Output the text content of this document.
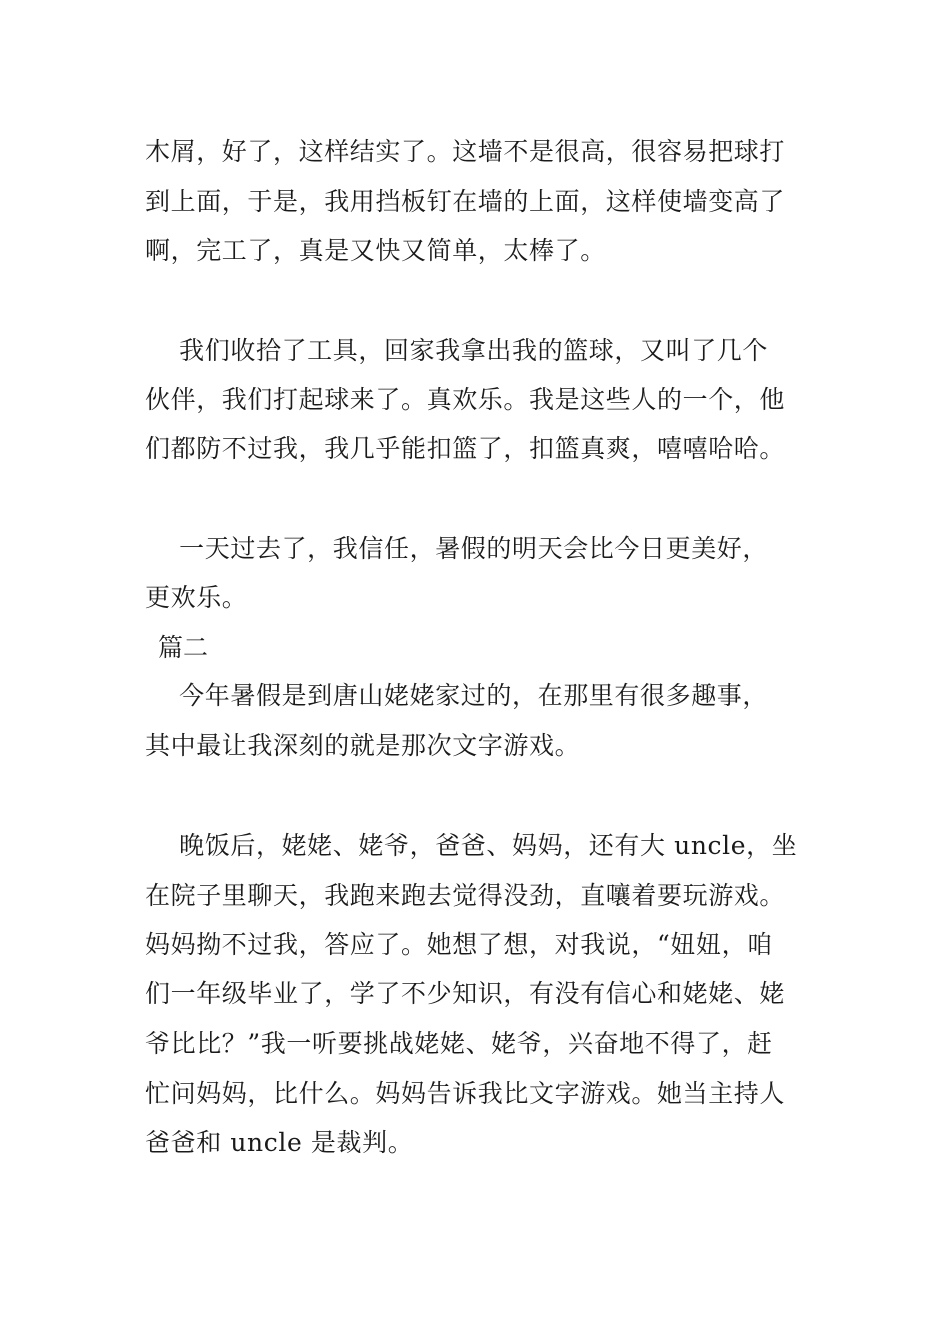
木屑，好了，这样结实了。这墙不是很高，很容易把球打
到上面，于是，我用挡板钉在墙的上面，这样使墙变高了
啊，完工了，真是又快又简单，太棒了。
我们收拾了工具，回家我拿出我的篮球，又叫了几个
伙伴，我们打起球来了。真欢乐。我是这些人的一个，他
们都防不过我，我几乎能扣篮了，扣篮真爽，嘻嘻哈哈。
一天过去了，我信任，暑假的明天会比今日更美好，
更欢乐。
篇二
今年暑假是到唐山姥姥家过的，在那里有很多趣事，
其中最让我深刻的就是那次文字游戏。
晚饭后，姥姥、姥爷，爸爸、妈妈，还有大 uncle，坐
在院子里聊天，我跑来跑去觉得没劲，直嚷着要玩游戏。
妈妈拗不过我，答应了。她想了想，对我说，“妞妞，咱
们一年级毕业了，学了不少知识，有没有信心和姥姥、姥
爷比比？”我一听要挑战姥姥、姥爷，兴奋地不得了，赶
忙问妈妈，比什么。妈妈告诉我比文字游戏。她当主持人
爸爸和 uncle 是裁判。
